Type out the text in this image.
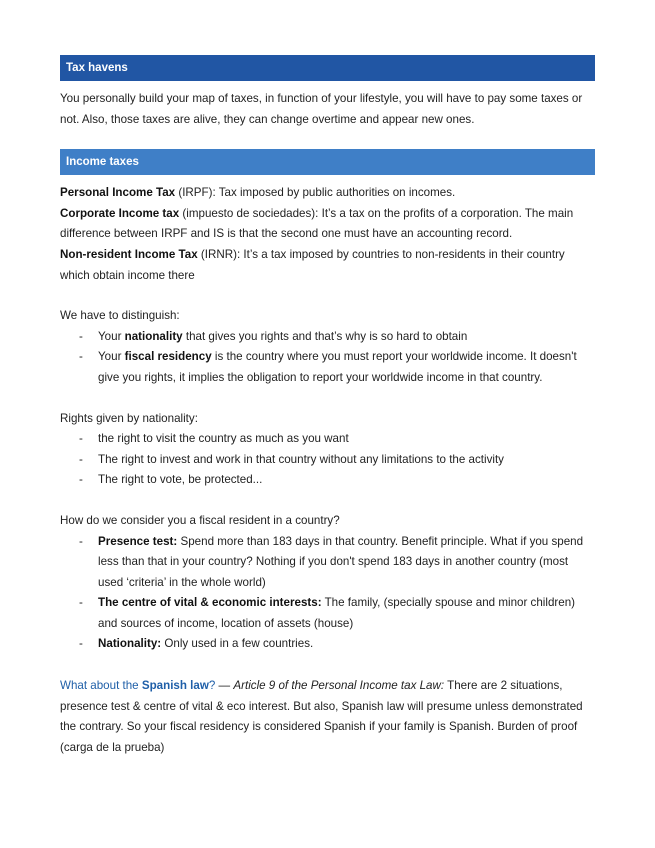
Tax havens

You personally build your map of taxes, in function of your lifestyle, you will have to pay some taxes or not. Also, those taxes are alive, they can change overtime and appear new ones.

Income taxes

Personal Income Tax (IRPF): Tax imposed by public authorities on incomes.

Corporate Income tax (impuesto de sociedades): It’s a tax on the profits of a corporation. The main difference between IRPF and IS is that the second one must have an accounting record.

Non-resident Income Tax (IRNR): It’s a tax imposed by countries to non-residents in their country which obtain income there

We have to distinguish:

- Your nationality that gives you rights and that’s why is so hard to obtain
- Your fiscal residency is the country where you must report your worldwide income. It doesn't give you rights, it implies the obligation to report your worldwide income in that country.

Rights given by nationality:

- the right to visit the country as much as you want
- The right to invest and work in that country without any limitations to the activity
- The right to vote, be protected...

How do we consider you a fiscal resident in a country?

- Presence test: Spend more than 183 days in that country. Benefit principle. What if you spend less than that in your country? Nothing if you don't spend 183 days in another country (most used ‘criteria’ in the whole world)
- The centre of vital & economic interests: The family, (specially spouse and minor children) and sources of income, location of assets (house)
- Nationality: Only used in a few countries.

What about the Spanish law? — Article 9 of the Personal Income tax Law: There are 2 situations, presence test & centre of vital & eco interest. But also, Spanish law will presume unless demonstrated the contrary. So your fiscal residency is considered Spanish if your family is Spanish. Burden of proof (carga de la prueba)
